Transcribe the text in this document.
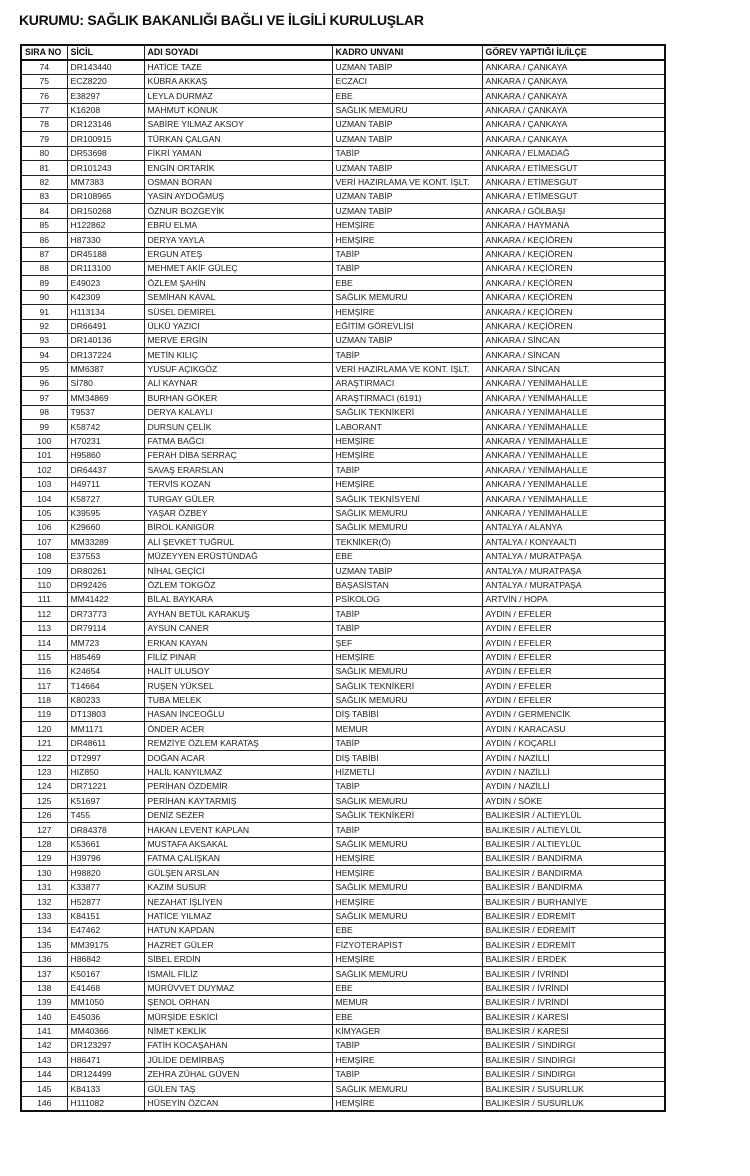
KURUMU: SAĞLIK BAKANLIĞI BAĞLI VE İLGİLİ KURULUŞLAR
SIRA NO	SİCİL	ADI SOYADI	KADRO UNVANI	GÖREV YAPTIĞI İL/İLÇE
74	DR143440	HATİCE TAZE	UZMAN TABİP	ANKARA / ÇANKAYA
75	ECZ8220	KÜBRA AKKAŞ	ECZACI	ANKARA / ÇANKAYA
76	E38297	LEYLA DURMAZ	EBE	ANKARA / ÇANKAYA
77	K16208	MAHMUT KONUK	SAĞLIK MEMURU	ANKARA / ÇANKAYA
78	DR123146	SABİRE YILMAZ AKSOY	UZMAN TABİP	ANKARA / ÇANKAYA
79	DR100915	TÜRKAN ÇALGAN	UZMAN TABİP	ANKARA / ÇANKAYA
80	DR53698	FİKRİ YAMAN	TABİP	ANKARA / ELMADAĞ
81	DR101243	ENGİN ORTARİK	UZMAN TABİP	ANKARA / ETİMESGUT
82	MM7383	OSMAN BORAN	VERİ HAZIRLAMA VE KONT. İŞLT.	ANKARA / ETİMESGUT
83	DR108965	YASİN AYDOĞMUŞ	UZMAN TABİP	ANKARA / ETİMESGUT
84	DR150268	ÖZNUR BOZGEYİK	UZMAN TABİP	ANKARA / GÖLBAŞI
85	H122862	EBRU ELMA	HEMŞİRE	ANKARA / HAYMANA
86	H87330	DERYA YAYLA	HEMŞİRE	ANKARA / KEÇİÖREN
87	DR45188	ERGUN ATEŞ	TABİP	ANKARA / KEÇİÖREN
88	DR113100	MEHMET AKİF GÜLEÇ	TABİP	ANKARA / KEÇİÖREN
89	E49023	ÖZLEM ŞAHİN	EBE	ANKARA / KEÇİÖREN
90	K42309	SEMİHAN KAVAL	SAĞLIK MEMURU	ANKARA / KEÇİÖREN
91	H113134	SÜSEL DEMİREL	HEMŞİRE	ANKARA / KEÇİÖREN
92	DR66491	ÜLKÜ YAZICI	EĞİTİM GÖREVLİSİ	ANKARA / KEÇİÖREN
93	DR140136	MERVE ERGİN	UZMAN TABİP	ANKARA / SİNCAN
94	DR137224	METİN KILIÇ	TABİP	ANKARA / SİNCAN
95	MM6387	YUSUF AÇIKGÖZ	VERİ HAZIRLAMA VE KONT. İŞLT.	ANKARA / SİNCAN
96	Sİ780	ALİ KAYNAR	ARAŞTIRMACI	ANKARA / YENİMAHALLE
97	MM34869	BURHAN GÖKER	ARAŞTIRMACI (6191)	ANKARA / YENİMAHALLE
98	T9537	DERYA KALAYLI	SAĞLIK TEKNİKERİ	ANKARA / YENİMAHALLE
99	K58742	DURSUN ÇELİK	LABORANT	ANKARA / YENİMAHALLE
100	H70231	FATMA BAĞCI	HEMŞİRE	ANKARA / YENİMAHALLE
101	H95860	FERAH DİBA SERRAÇ	HEMŞİRE	ANKARA / YENİMAHALLE
102	DR64437	SAVAŞ ERARSLAN	TABİP	ANKARA / YENİMAHALLE
103	H49711	TERVİS KOZAN	HEMŞİRE	ANKARA / YENİMAHALLE
104	K58727	TURGAY GÜLER	SAĞLIK TEKNİSYENİ	ANKARA / YENİMAHALLE
105	K39595	YAŞAR ÖZBEY	SAĞLIK MEMURU	ANKARA / YENİMAHALLE
106	K29660	BİROL KANIGÜR	SAĞLIK MEMURU	ANTALYA / ALANYA
107	MM33289	ALİ ŞEVKET TUĞRUL	TEKNİKER(Ö)	ANTALYA / KONYAALTI
108	E37553	MÜZEYYEN ERÜSTÜNDAĞ	EBE	ANTALYA / MURATPAŞA
109	DR80261	NİHAL GEÇİCİ	UZMAN TABİP	ANTALYA / MURATPAŞA
110	DR92426	ÖZLEM TOKGÖZ	BAŞASİSTAN	ANTALYA / MURATPAŞA
111	MM41422	BİLAL BAYKARA	PSİKOLOG	ARTVİN / HOPA
112	DR73773	AYHAN BETÜL KARAKUŞ	TABİP	AYDIN / EFELER
113	DR79114	AYSUN CANER	TABİP	AYDIN / EFELER
114	MM723	ERKAN KAYAN	ŞEF	AYDIN / EFELER
115	H85469	FİLİZ PINAR	HEMŞİRE	AYDIN / EFELER
116	K24654	HALİT ULUSOY	SAĞLIK MEMURU	AYDIN / EFELER
117	T14664	RUŞEN YÜKSEL	SAĞLIK TEKNİKERİ	AYDIN / EFELER
118	K80233	TUBA MELEK	SAĞLIK MEMURU	AYDIN / EFELER
119	DT13803	HASAN İNCEOĞLU	DİŞ TABİBİ	AYDIN / GERMENCİK
120	MM1171	ÖNDER ACER	MEMUR	AYDIN / KARACASU
121	DR48611	REMZİYE ÖZLEM KARATAŞ	TABİP	AYDIN / KOÇARLI
122	DT2997	DOĞAN ACAR	DİŞ TABİBİ	AYDIN / NAZİLLİ
123	HIZ850	HALİL KANYILMAZ	HİZMETLİ	AYDIN / NAZİLLİ
124	DR71221	PERİHAN ÖZDEMİR	TABİP	AYDIN / NAZİLLİ
125	K51697	PERİHAN KAYTARMIŞ	SAĞLIK MEMURU	AYDIN / SÖKE
126	T455	DENİZ SEZER	SAĞLIK TEKNİKERİ	BALIKESİR / ALTIEYLÜL
127	DR84378	HAKAN LEVENT KAPLAN	TABİP	BALIKESİR / ALTIEYLÜL
128	K53661	MUSTAFA AKSAKAL	SAĞLIK MEMURU	BALIKESİR / ALTIEYLÜL
129	H39796	FATMA ÇALIŞKAN	HEMŞİRE	BALIKESİR / BANDIRMA
130	H98820	GÜLŞEN ARSLAN	HEMŞİRE	BALIKESİR / BANDIRMA
131	K33877	KAZIM SUSUR	SAĞLIK MEMURU	BALIKESİR / BANDIRMA
132	H52877	NEZAHAT İŞLİYEN	HEMŞİRE	BALIKESİR / BURHANİYE
133	K84151	HATİCE YILMAZ	SAĞLIK MEMURU	BALIKESİR / EDREMİT
134	E47462	HATUN KAPDAN	EBE	BALIKESİR / EDREMİT
135	MM39175	HAZRET GÜLER	FİZYOTERAPİST	BALIKESİR / EDREMİT
136	H86842	SİBEL ERDİN	HEMŞİRE	BALIKESİR / ERDEK
137	K50167	İSMAİL FİLİZ	SAĞLIK MEMURU	BALIKESİR / İVRİNDİ
138	E41468	MÜRÜVVET DUYMAZ	EBE	BALIKESİR / İVRİNDİ
139	MM1050	ŞENOL ORHAN	MEMUR	BALIKESİR / İVRİNDİ
140	E45036	MÜRŞİDE ESKİCİ	EBE	BALIKESİR / KARESİ
141	MM40366	NİMET KEKLİK	KİMYAGER	BALIKESİR / KARESİ
142	DR123297	FATİH KOCAŞAHAN	TABİP	BALIKESİR / SINDIRGI
143	H86471	JÜLİDE DEMİRBAŞ	HEMŞİRE	BALIKESİR / SINDIRGI
144	DR124499	ZEHRA ZÜHAL GÜVEN	TABİP	BALIKESİR / SINDIRGI
145	K84133	GÜLEN TAŞ	SAĞLIK MEMURU	BALIKESİR / SUSURLUK
146	H111082	HÜSEYİN ÖZCAN	HEMŞİRE	BALIKESİR / SUSURLUK
